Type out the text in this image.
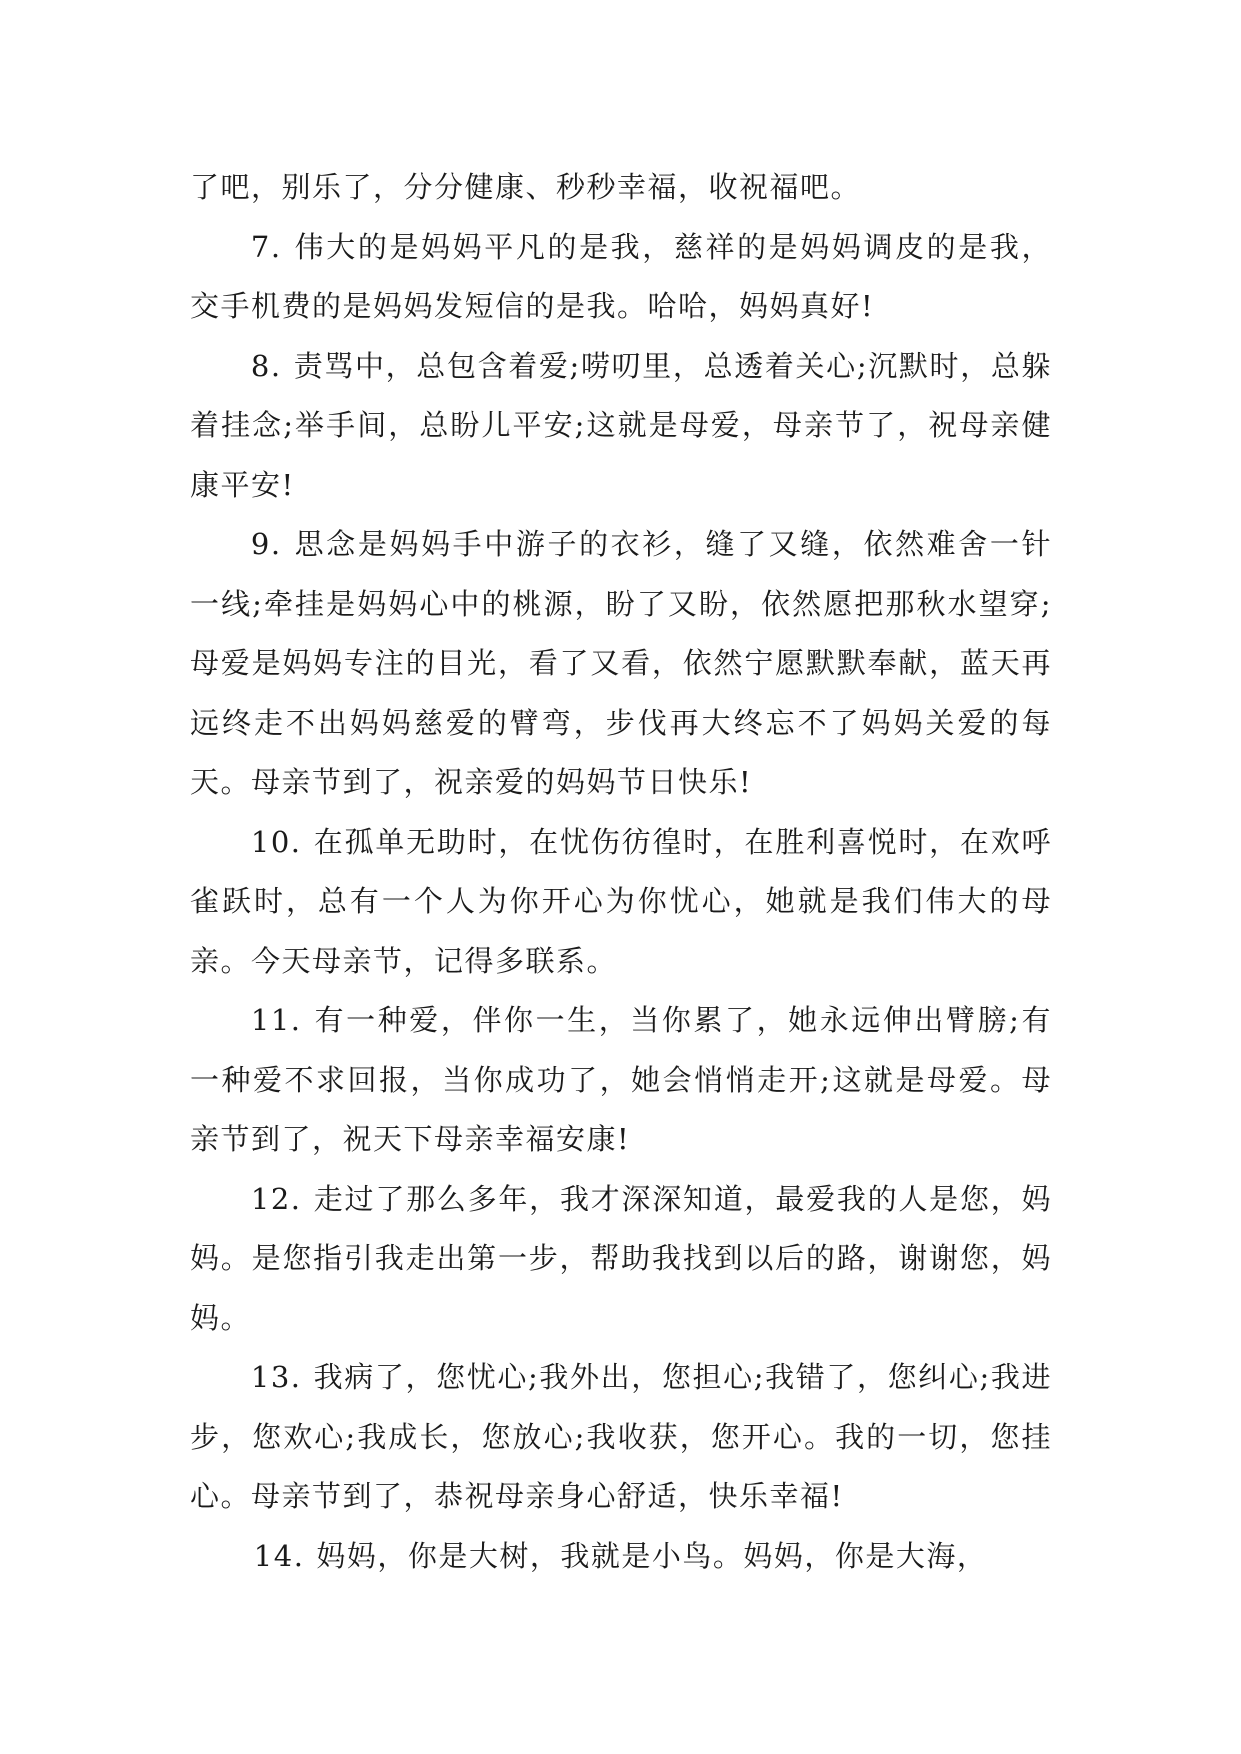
了吧，别乐了，分分健康、秒秒幸福，收祝福吧。

7. 伟大的是妈妈平凡的是我，慈祥的是妈妈调皮的是我，交手机费的是妈妈发短信的是我。哈哈，妈妈真好!

8. 责骂中，总包含着爱;唠叨里，总透着关心;沉默时，总躲着挂念;举手间，总盼儿平安;这就是母爱，母亲节了，祝母亲健康平安!

9. 思念是妈妈手中游子的衣衫，缝了又缝，依然难舍一针一线;牵挂是妈妈心中的桃源，盼了又盼，依然愿把那秋水望穿;母爱是妈妈专注的目光，看了又看，依然宁愿默默奉献，蓝天再远终走不出妈妈慈爱的臂弯，步伐再大终忘不了妈妈关爱的每天。母亲节到了，祝亲爱的妈妈节日快乐!

10. 在孤单无助时，在忧伤彷徨时，在胜利喜悦时，在欢呼雀跃时，总有一个人为你开心为你忧心，她就是我们伟大的母亲。今天母亲节，记得多联系。

11. 有一种爱，伴你一生，当你累了，她永远伸出臂膀;有一种爱不求回报，当你成功了，她会悄悄走开;这就是母爱。母亲节到了，祝天下母亲幸福安康!

12. 走过了那么多年，我才深深知道，最爱我的人是您，妈妈。是您指引我走出第一步，帮助我找到以后的路，谢谢您，妈妈。

13. 我病了，您忧心;我外出，您担心;我错了，您纠心;我进步，您欢心;我成长，您放心;我收获，您开心。我的一切，您挂心。母亲节到了，恭祝母亲身心舒适，快乐幸福!

14. 妈妈，你是大树，我就是小鸟。妈妈，你是大海，
